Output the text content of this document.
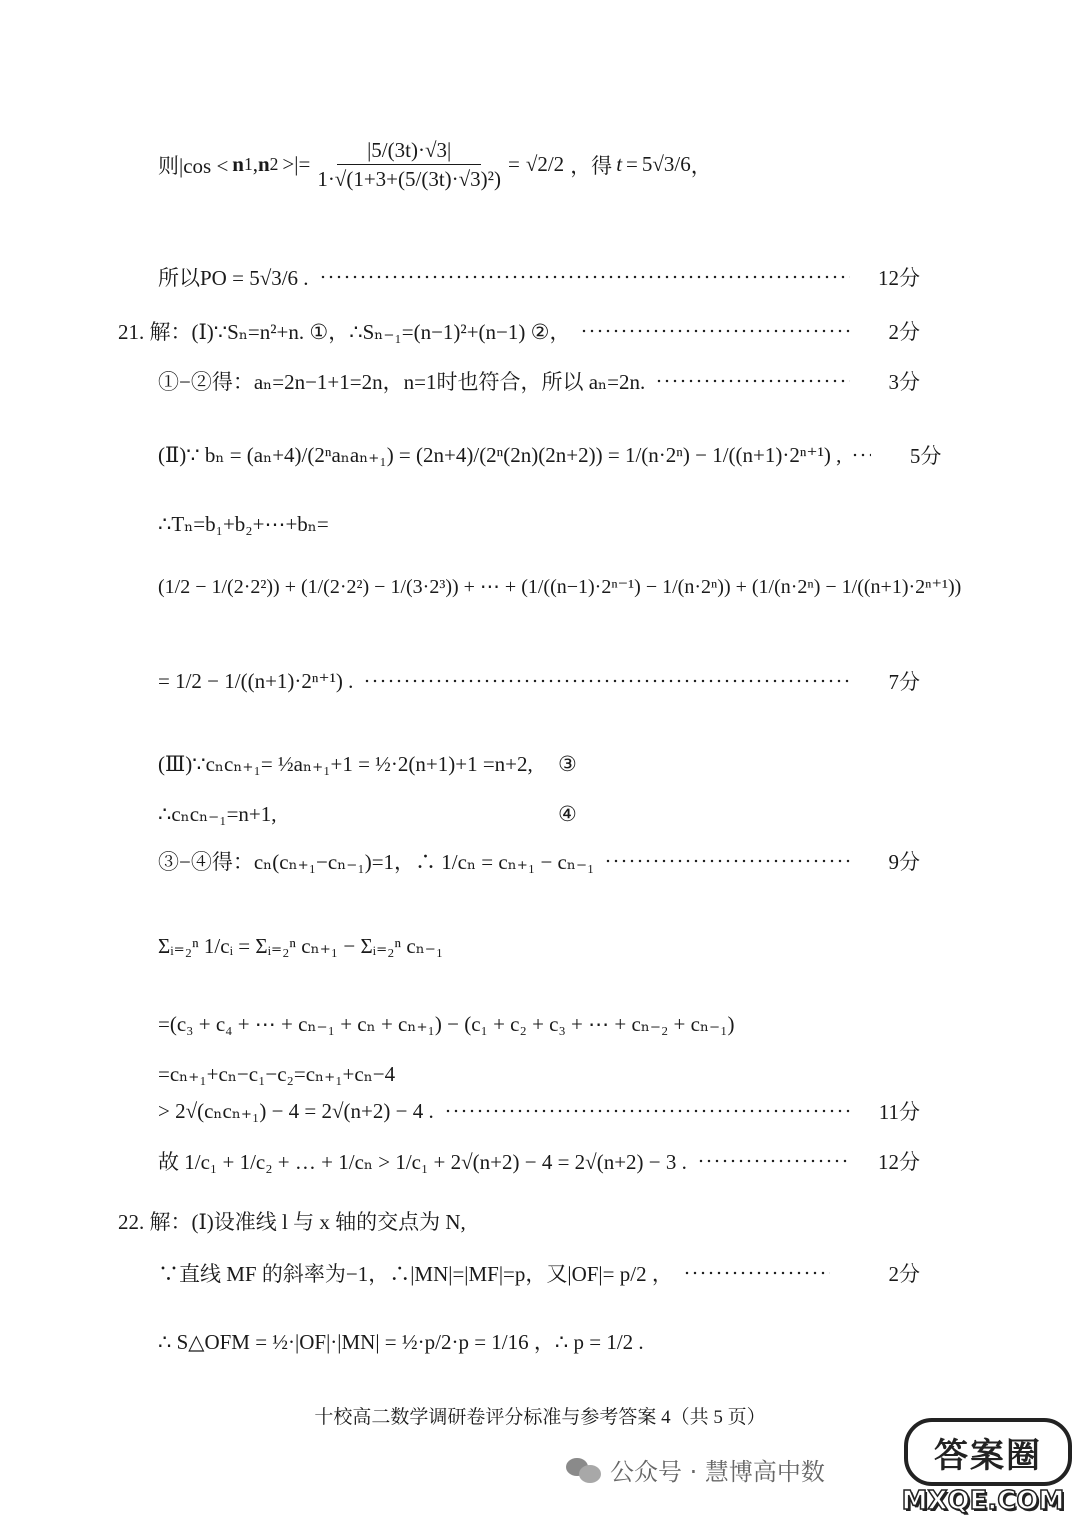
则|cos < n 1 , n 2 >|= $\frac{|5/(3t)\cdot√3|}{\text{1·√(1+3+(5/(3t)·√3)²)}} = √2/2$ ，得 t = 5√3/6 ，
所以PO = 5√3/6 .	12分
21. 解：(Ⅰ)∵Sₙ=n²+n. ①，∴Sₙ₋₁=(n−1)²+(n−1) ②，	2分
①−②得：aₙ=2n−1+1=2n，n=1时也符合，所以 aₙ=2n.	3分
(Ⅱ)∵ bₙ = (aₙ+4)/(2ⁿaₙaₙ₊₁) = (2n+4)/(2ⁿ(2n)(2n+2)) = 1/(n·2ⁿ) − 1/((n+1)·2ⁿ⁺¹) ,	5分
∴Tₙ=b₁+b₂+⋯+bₙ=
(1/2 − 1/(2·2²)) + (1/(2·2²) − 1/(3·2³)) + ⋯ + (1/((n−1)·2ⁿ⁻¹) − 1/(n·2ⁿ)) + (1/(n·2ⁿ) − 1/((n+1)·2ⁿ⁺¹))
= 1/2 − 1/((n+1)·2ⁿ⁺¹) .	7分
(Ⅲ)∵cₙcₙ₊₁= ½aₙ₊₁+1 = ½·2(n+1)+1 =n+2, ③
∴cₙcₙ₋₁=n+1,	④
③−④得：cₙ(cₙ₊₁−cₙ₋₁)=1，∴ 1/cₙ = cₙ₊₁ − cₙ₋₁	9分
Σᵢ₌₂ⁿ 1/cᵢ = Σᵢ₌₂ⁿ cₙ₊₁ − Σᵢ₌₂ⁿ cₙ₋₁
=(c₃ + c₄ + ⋯ + cₙ₋₁ + cₙ + cₙ₊₁) − (c₁ + c₂ + c₃ + ⋯ + cₙ₋₂ + cₙ₋₁)
=cₙ₊₁+cₙ−c₁−c₂=cₙ₊₁+cₙ−4
> 2√(cₙcₙ₊₁) − 4 = 2√(n+2) − 4 .	11分
故 1/c₁ + 1/c₂ + … + 1/cₙ > 1/c₁ + 2√(n+2) − 4 = 2√(n+2) − 3 .	12分
22. 解：(Ⅰ)设准线 l 与 x 轴的交点为 N,
∵直线 MF 的斜率为−1，∴|MN|=|MF|=p，又|OF|= p/2 ，	2分
∴ S△OFM = ½·|OF|·|MN| = ½·p/2·p = 1/16 ，∴ p = 1/2 .
十校高二数学调研卷评分标准与参考答案 4（共 5 页）
公众号 · 慧博高中数	答案圈
MXQE.COM
